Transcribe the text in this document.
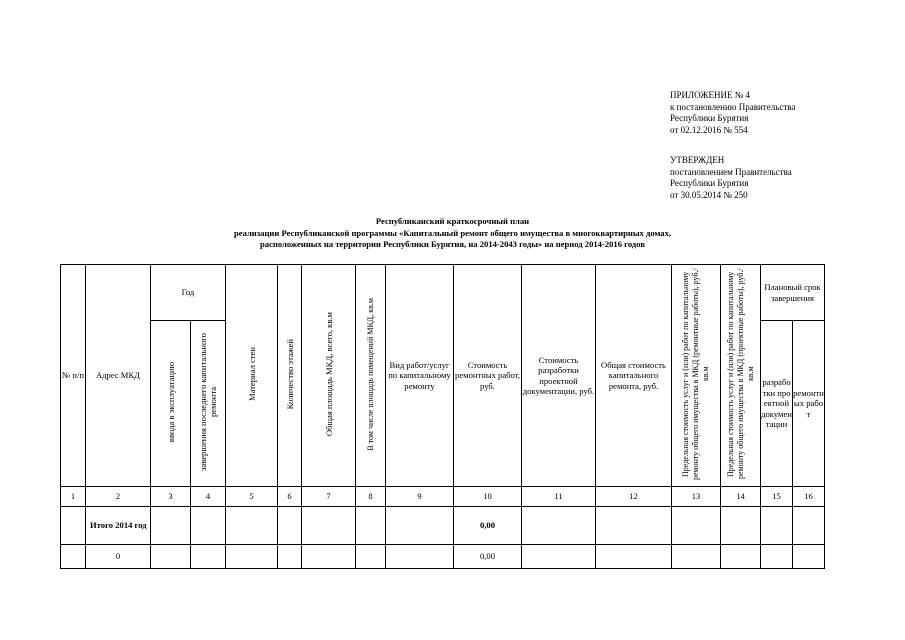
ПРИЛОЖЕНИЕ № 4
к постановлению Правительства
Республики Бурятия
от 02.12.2016 № 554
УТВЕРЖДЕН
постановлением Правительства
Республики Бурятия
от 30.05.2014 № 250
Республиканский краткосрочный план
реализации Республиканской программы «Капитальный ремонт общего имущества в многоквартирных домах,
расположенных на территории Республики Бурятия, на 2014-2043 годы» на период 2014-2016 годов
№ п/п	Адрес МКД	Год		Материал стен	Количество этажей	Общая площадь МКД, всего, кв.м	В том числе площадь помещений МКД, кв.м	Вид работ/услуг по капитальному ремонту	Стоимость ремонтных работ, руб.	Стоимость разработки проектной документации, руб.	Общая стоимость капитального ремонта, руб.	Предельная стоимость услуг и (или) работ по капитальному ремонту общего имущества в МКД (ремонтные работы), руб./кв.м	Предельная стоимость услуг и (или) работ по капитальному ремонту общего имущества в МКД (проектные работы), руб./кв.м	Плановый срок завершения	
		ввода в эксплуатацию	завершения последнего капитального ремонта											разработки проектной документации	ремонтных работ
1	2	3	4	5	6	7	8	9	10	11	12	13	14	15	16
	Итого 2014 год								0,00						
	0								0,00						
